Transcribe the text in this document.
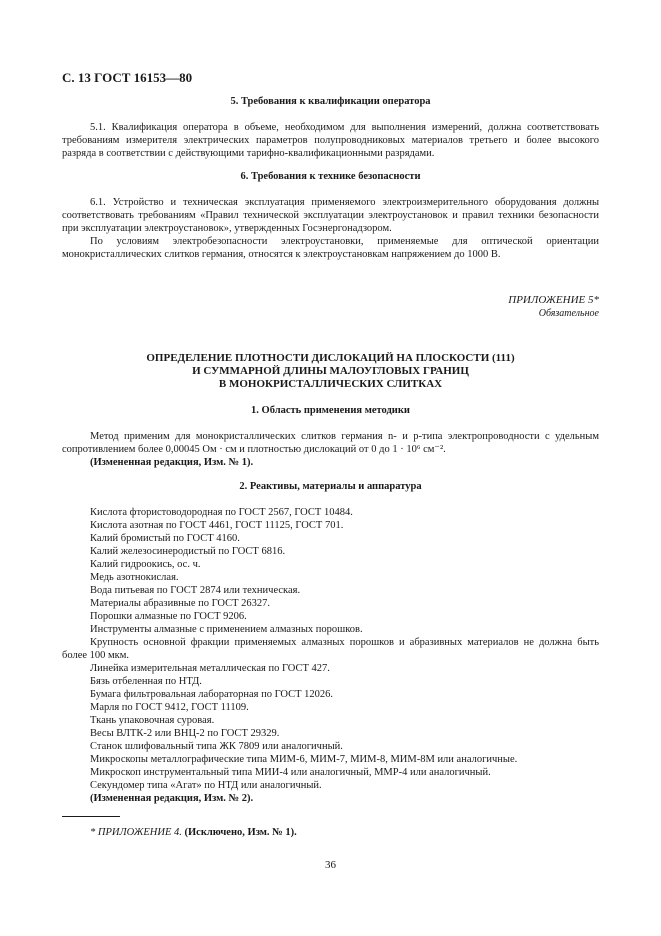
С. 13 ГОСТ 16153—80
5. Требования к квалификации оператора
5.1. Квалификация оператора в объеме, необходимом для выполнения измерений, должна соответствовать требованиям измерителя электрических параметров полупроводниковых материалов третьего и более высокого разряда в соответствии с действующими тарифно-квалификационными разрядами.
6. Требования к технике безопасности
6.1. Устройство и техническая эксплуатация применяемого электроизмерительного оборудования должны соответствовать требованиям «Правил технической эксплуатации электроустановок и правил техники безопасности при эксплуатации электроустановок», утвержденных Госэнергонадзором.
По условиям электробезопасности электроустановки, применяемые для оптической ориентации монокристаллических слитков германия, относятся к электроустановкам напряжением до 1000 В.
ПРИЛОЖЕНИЕ 5*
Обязательное
ОПРЕДЕЛЕНИЕ ПЛОТНОСТИ ДИСЛОКАЦИЙ НА ПЛОСКОСТИ (111)
И СУММАРНОЙ ДЛИНЫ МАЛОУГЛОВЫХ ГРАНИЦ
В МОНОКРИСТАЛЛИЧЕСКИХ СЛИТКАХ
1. Область применения методики
Метод применим для монокристаллических слитков германия n- и p-типа электропроводности с удельным сопротивлением более 0,00045 Ом · см и плотностью дислокаций от 0 до 1 · 10⁶ см⁻².
(Измененная редакция, Изм. № 1).
2. Реактивы, материалы и аппаратура
Кислота фтористоводородная по ГОСТ 2567, ГОСТ 10484.
Кислота азотная по ГОСТ 4461, ГОСТ 11125, ГОСТ 701.
Калий бромистый по ГОСТ 4160.
Калий железосинеродистый по ГОСТ 6816.
Калий гидроокись, ос. ч.
Медь азотнокислая.
Вода питьевая по ГОСТ 2874 или техническая.
Материалы абразивные по ГОСТ 26327.
Порошки алмазные по ГОСТ 9206.
Инструменты алмазные с применением алмазных порошков.
Крупность основной фракции применяемых алмазных порошков и абразивных материалов не должна быть более 100 мкм.
Линейка измерительная металлическая по ГОСТ 427.
Бязь отбеленная по НТД.
Бумага фильтровальная лабораторная по ГОСТ 12026.
Марля по ГОСТ 9412, ГОСТ 11109.
Ткань упаковочная суровая.
Весы ВЛТК-2 или ВНЦ-2 по ГОСТ 29329.
Станок шлифовальный типа ЖК 7809 или аналогичный.
Микроскопы металлографические типа МИМ-6, МИМ-7, МИМ-8, МИМ-8М или аналогичные.
Микроскоп инструментальный типа МИИ-4 или аналогичный, ММР-4 или аналогичный.
Секундомер типа «Агат» по НТД или аналогичный.
(Измененная редакция, Изм. № 2).
* ПРИЛОЖЕНИЕ 4. (Исключено, Изм. № 1).
36
